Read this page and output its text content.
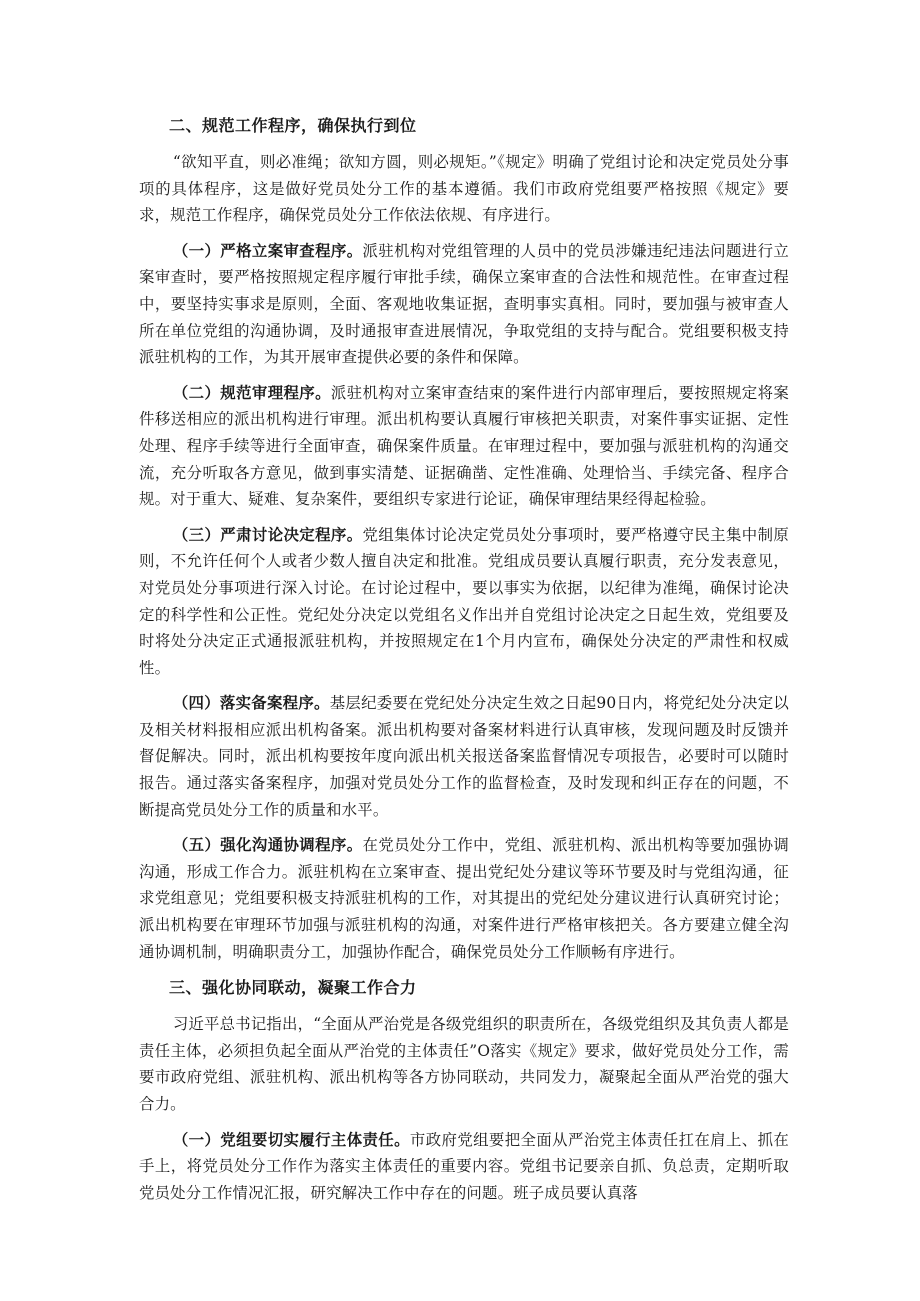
二、规范工作程序，确保执行到位

“欲知平直，则必准绳；欲知方圆，则必规矩。”《规定》明确了党组讨论和决定党员处分事项的具体程序，这是做好党员处分工作的基本遵循。我们市政府党组要严格按照《规定》要求，规范工作程序，确保党员处分工作依法依规、有序进行。

（一）严格立案审查程序。派驻机构对党组管理的人员中的党员涉嫌违纪违法问题进行立案审查时，要严格按照规定程序履行审批手续，确保立案审查的合法性和规范性。在审查过程中，要坚持实事求是原则，全面、客观地收集证据，查明事实真相。同时，要加强与被审查人所在单位党组的沟通协调，及时通报审查进展情况，争取党组的支持与配合。党组要积极支持派驻机构的工作，为其开展审查提供必要的条件和保障。

（二）规范审理程序。派驻机构对立案审查结束的案件进行内部审理后，要按照规定将案件移送相应的派出机构进行审理。派出机构要认真履行审核把关职责，对案件事实证据、定性处理、程序手续等进行全面审查，确保案件质量。在审理过程中，要加强与派驻机构的沟通交流，充分听取各方意见，做到事实清楚、证据确凿、定性准确、处理恰当、手续完备、程序合规。对于重大、疑难、复杂案件，要组织专家进行论证，确保审理结果经得起检验。

（三）严肃讨论决定程序。党组集体讨论决定党员处分事项时，要严格遵守民主集中制原则，不允许任何个人或者少数人擅自决定和批准。党组成员要认真履行职责，充分发表意见，对党员处分事项进行深入讨论。在讨论过程中，要以事实为依据，以纪律为准绳，确保讨论决定的科学性和公正性。党纪处分决定以党组名义作出并自党组讨论决定之日起生效，党组要及时将处分决定正式通报派驻机构，并按照规定在1个月内宣布，确保处分决定的严肃性和权威性。

（四）落实备案程序。基层纪委要在党纪处分决定生效之日起90日内，将党纪处分决定以及相关材料报相应派出机构备案。派出机构要对备案材料进行认真审核，发现问题及时反馈并督促解决。同时，派出机构要按年度向派出机关报送备案监督情况专项报告，必要时可以随时报告。通过落实备案程序，加强对党员处分工作的监督检查，及时发现和纠正存在的问题，不断提高党员处分工作的质量和水平。

（五）强化沟通协调程序。在党员处分工作中，党组、派驻机构、派出机构等要加强协调沟通，形成工作合力。派驻机构在立案审查、提出党纪处分建议等环节要及时与党组沟通，征求党组意见；党组要积极支持派驻机构的工作，对其提出的党纪处分建议进行认真研究讨论；派出机构要在审理环节加强与派驻机构的沟通，对案件进行严格审核把关。各方要建立健全沟通协调机制，明确职责分工，加强协作配合，确保党员处分工作顺畅有序进行。

三、强化协同联动，凝聚工作合力

习近平总书记指出，“全面从严治党是各级党组织的职责所在，各级党组织及其负责人都是责任主体，必须担负起全面从严治党的主体责任”O落实《规定》要求，做好党员处分工作，需要市政府党组、派驻机构、派出机构等各方协同联动，共同发力，凝聚起全面从严治党的强大合力。

（一）党组要切实履行主体责任。市政府党组要把全面从严治党主体责任扛在肩上、抓在手上，将党员处分工作作为落实主体责任的重要内容。党组书记要亲自抓、负总责，定期听取党员处分工作情况汇报，研究解决工作中存在的问题。班子成员要认真落
